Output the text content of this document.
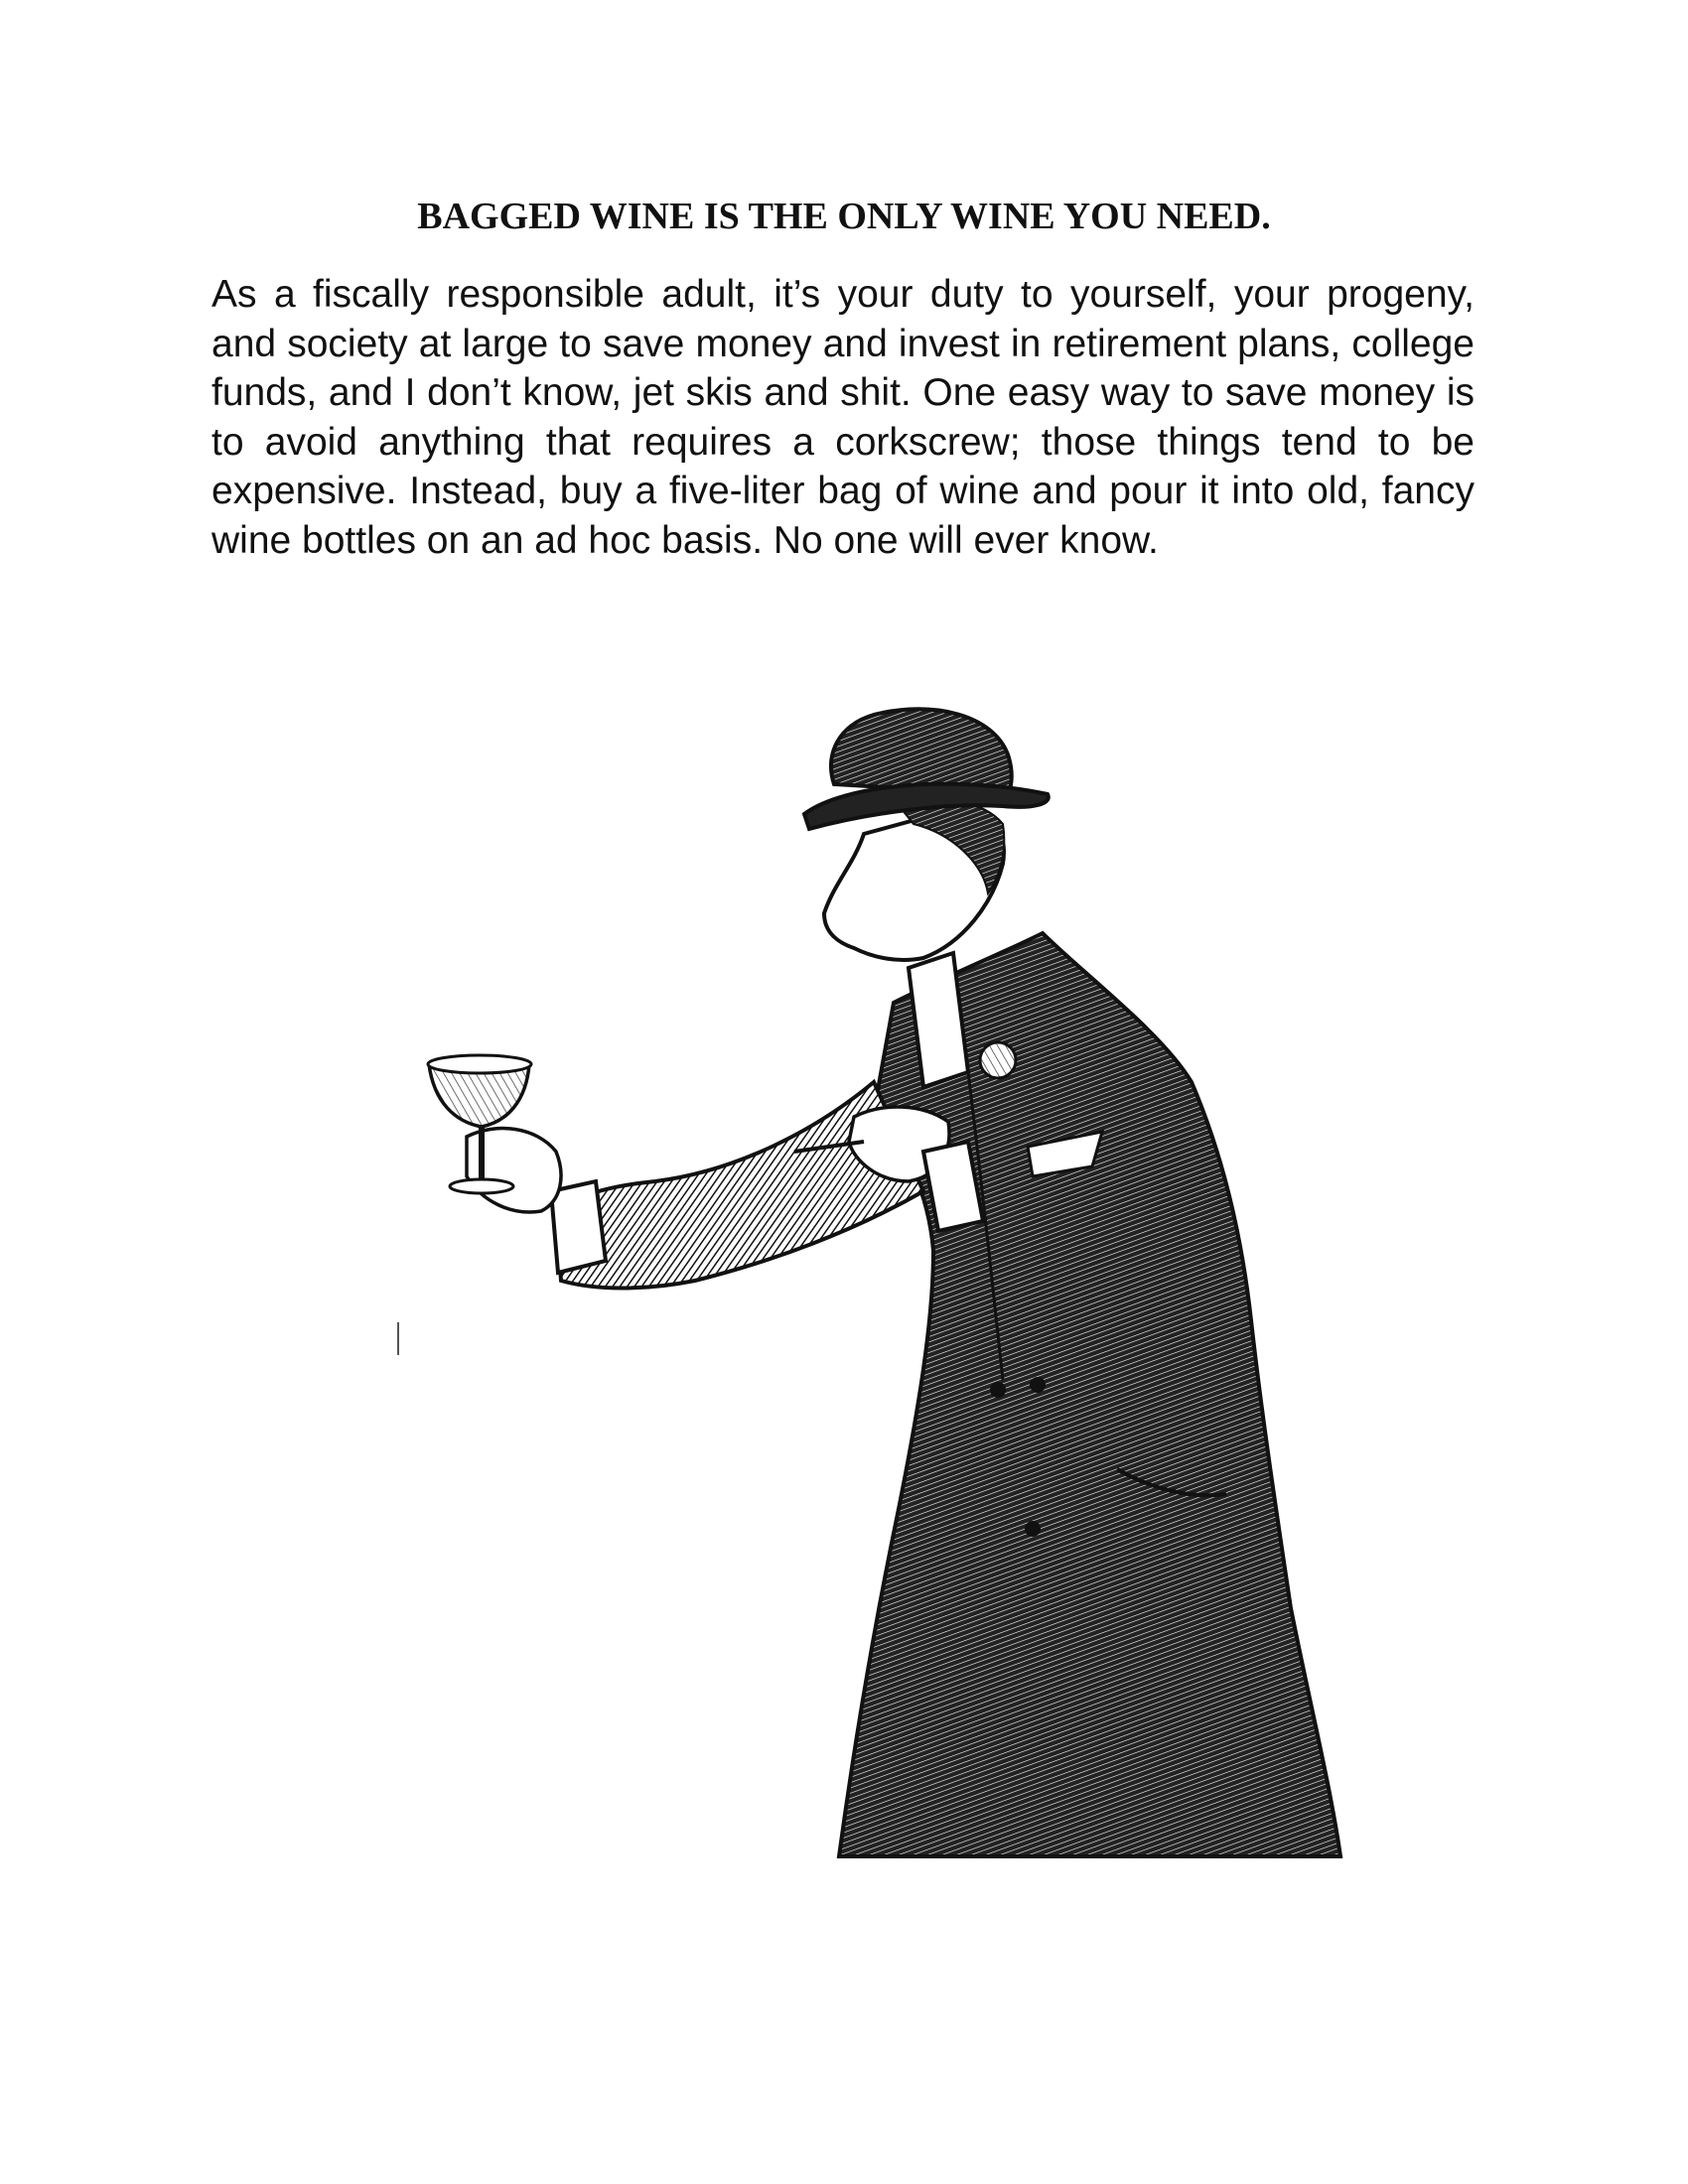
BAGGED WINE IS THE ONLY WINE YOU NEED.

As a fiscally responsible adult, it’s your duty to yourself, your progeny, and society at large to save money and invest in retirement plans, college funds, and I don’t know, jet skis and shit. One easy way to save money is to avoid anything that requires a corkscrew; those things tend to be expensive. Instead, buy a five-liter bag of wine and pour it into old, fancy wine bottles on an ad hoc basis. No one will ever know.
